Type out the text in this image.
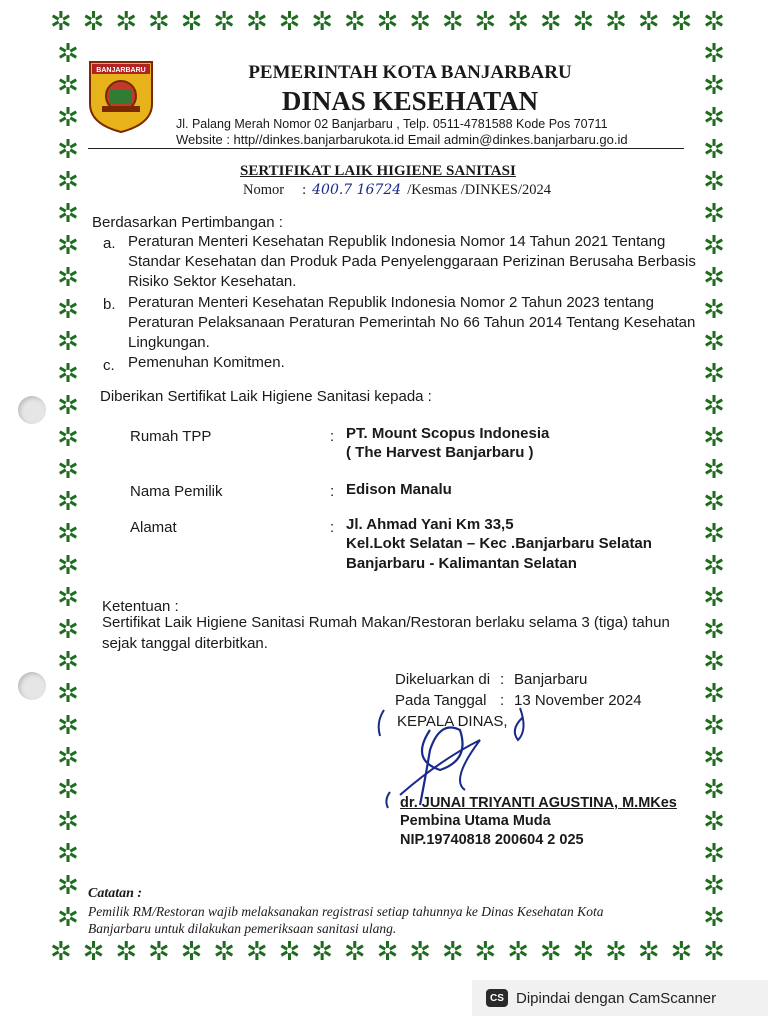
✲ ✲ ✲ ✲ ✲ ✲ ✲ ✲ ✲ ✲ ✲ ✲ ✲ ✲ ✲ ✲ ✲ ✲ ✲ ✲ ✲
✲ ✲ ✲ ✲ ✲ ✲ ✲ ✲ ✲ ✲ ✲ ✲ ✲ ✲ ✲ ✲ ✲ ✲ ✲ ✲ ✲
✲
✲
✲
✲
✲
✲
✲
✲
✲
✲
✲
✲
✲
✲
✲
✲
✲
✲
✲
✲
✲
✲
✲
✲
✲
✲
✲
✲
✲
✲
✲
✲
✲
✲
✲
✲
✲
✲
✲
✲
✲
✲
✲
✲
✲
✲
✲
✲
✲
✲
✲
✲
✲
✲
✲
✲
BANJARBARU	PEMERINTAH KOTA BANJARBARU
DINAS KESEHATAN
Jl. Palang Merah Nomor 02 Banjarbaru , Telp. 0511-4781588 Kode Pos 70711
Website : http//dinkes.banjarbarukota.id Email admin@dinkes.banjarbaru.go.id
SERTIFIKAT LAIK HIGIENE SANITASI
Nomor : 400.7 16724 /Kesmas /DINKES/2024
Berdasarkan Pertimbangan :
a. Peraturan Menteri Kesehatan Republik Indonesia Nomor 14 Tahun 2021 Tentang
Standar Kesehatan dan Produk Pada Penyelenggaraan Perizinan Berusaha Berbasis
Risiko Sektor Kesehatan.
b. Peraturan Menteri Kesehatan Republik Indonesia Nomor 2 Tahun 2023 tentang
Peraturan Pelaksanaan Peraturan Pemerintah No 66 Tahun 2014 Tentang Kesehatan
Lingkungan.
c. Pemenuhan Komitmen.
Diberikan Sertifikat Laik Higiene Sanitasi kepada :
Rumah TPP	: PT. Mount Scopus Indonesia
( The Harvest Banjarbaru )
Nama Pemilik	: Edison Manalu
Alamat	: Jl. Ahmad Yani Km 33,5
Kel.Lokt Selatan – Kec .Banjarbaru Selatan
Banjarbaru - Kalimantan Selatan
Ketentuan :
Sertifikat Laik Higiene Sanitasi Rumah Makan/Restoran berlaku selama 3 (tiga) tahun
sejak tanggal diterbitkan.
Dikeluarkan di : Banjarbaru
Pada Tanggal : 13 November 2024
KEPALA DINAS,
dr. JUNAI TRIYANTI AGUSTINA, M.MKes
Pembina Utama Muda
NIP.19740818 200604 2 025
Catatan :
Pemilik RM/Restoran wajib melaksanakan registrasi setiap tahunnya ke Dinas Kesehatan Kota
Banjarbaru untuk dilakukan pemeriksaan sanitasi ulang.
CS Dipindai dengan CamScanner
